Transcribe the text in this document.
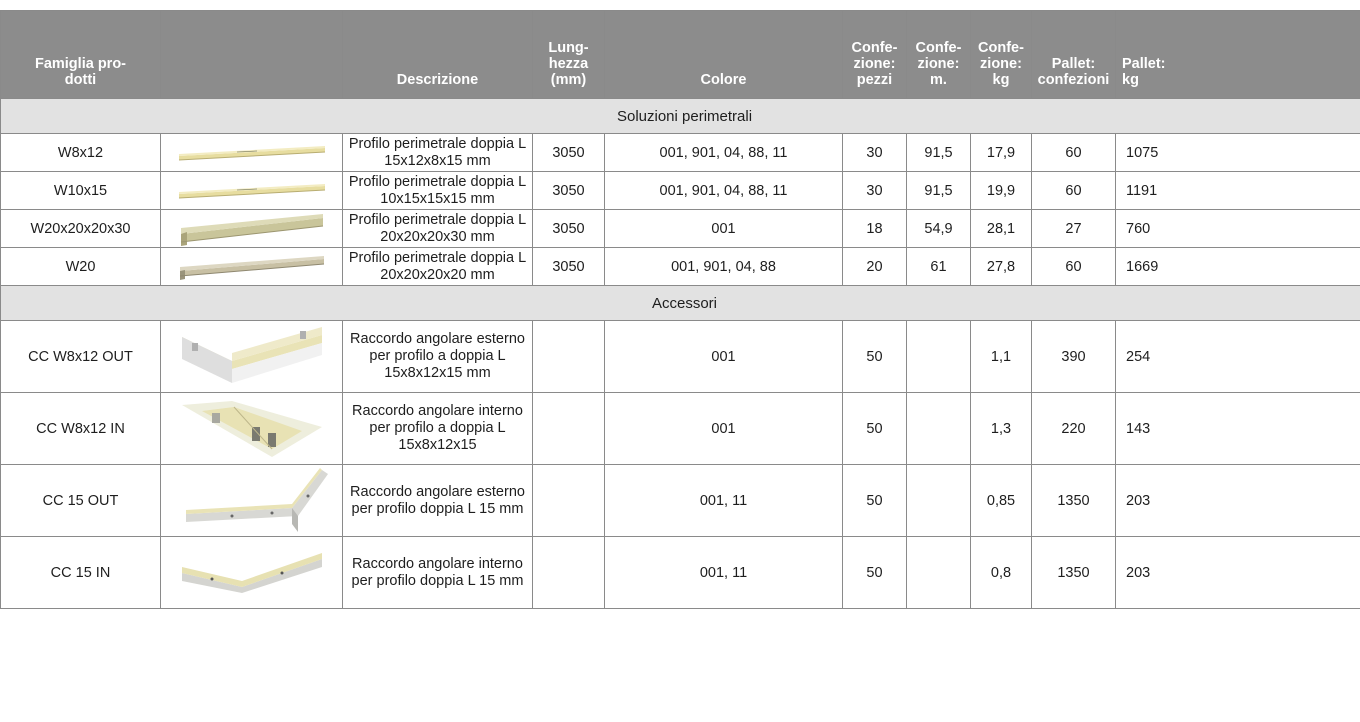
Famiglia pro-
dotti		Descrizione	Lung-
hezza
(mm)	Colore	Confe-
zione:
pezzi	Confe-
zione:
m.	Confe-
zione:
kg	Pallet:
confezioni	Pallet:
kg
Soluzioni perimetrali									
W8x12		Profilo perimetrale doppia L 15x12x8x15 mm	3050	001, 901, 04, 88, 11	30	91,5	17,9	60	1075
W10x15		Profilo perimetrale doppia L 10x15x15x15 mm	3050	001, 901, 04, 88, 11	30	91,5	19,9	60	1191
W20x20x20x30		Profilo perimetrale doppia L 20x20x20x30 mm	3050	001	18	54,9	28,1	27	760
W20		Profilo perimetrale doppia L 20x20x20x20 mm	3050	001, 901, 04, 88	20	61	27,8	60	1669
Accessori									
CC W8x12 OUT		Raccordo angolare esterno per profilo a doppia L 15x8x12x15 mm		001	50		1,1	390	254
CC W8x12 IN		Raccordo angolare interno per profilo a doppia L 15x8x12x15		001	50		1,3	220	143
CC 15 OUT		Raccordo angolare esterno per profilo doppia L 15 mm		001, 11	50		0,85	1350	203
CC 15 IN		Raccordo angolare interno per profilo doppia L 15 mm		001, 11	50		0,8	1350	203
